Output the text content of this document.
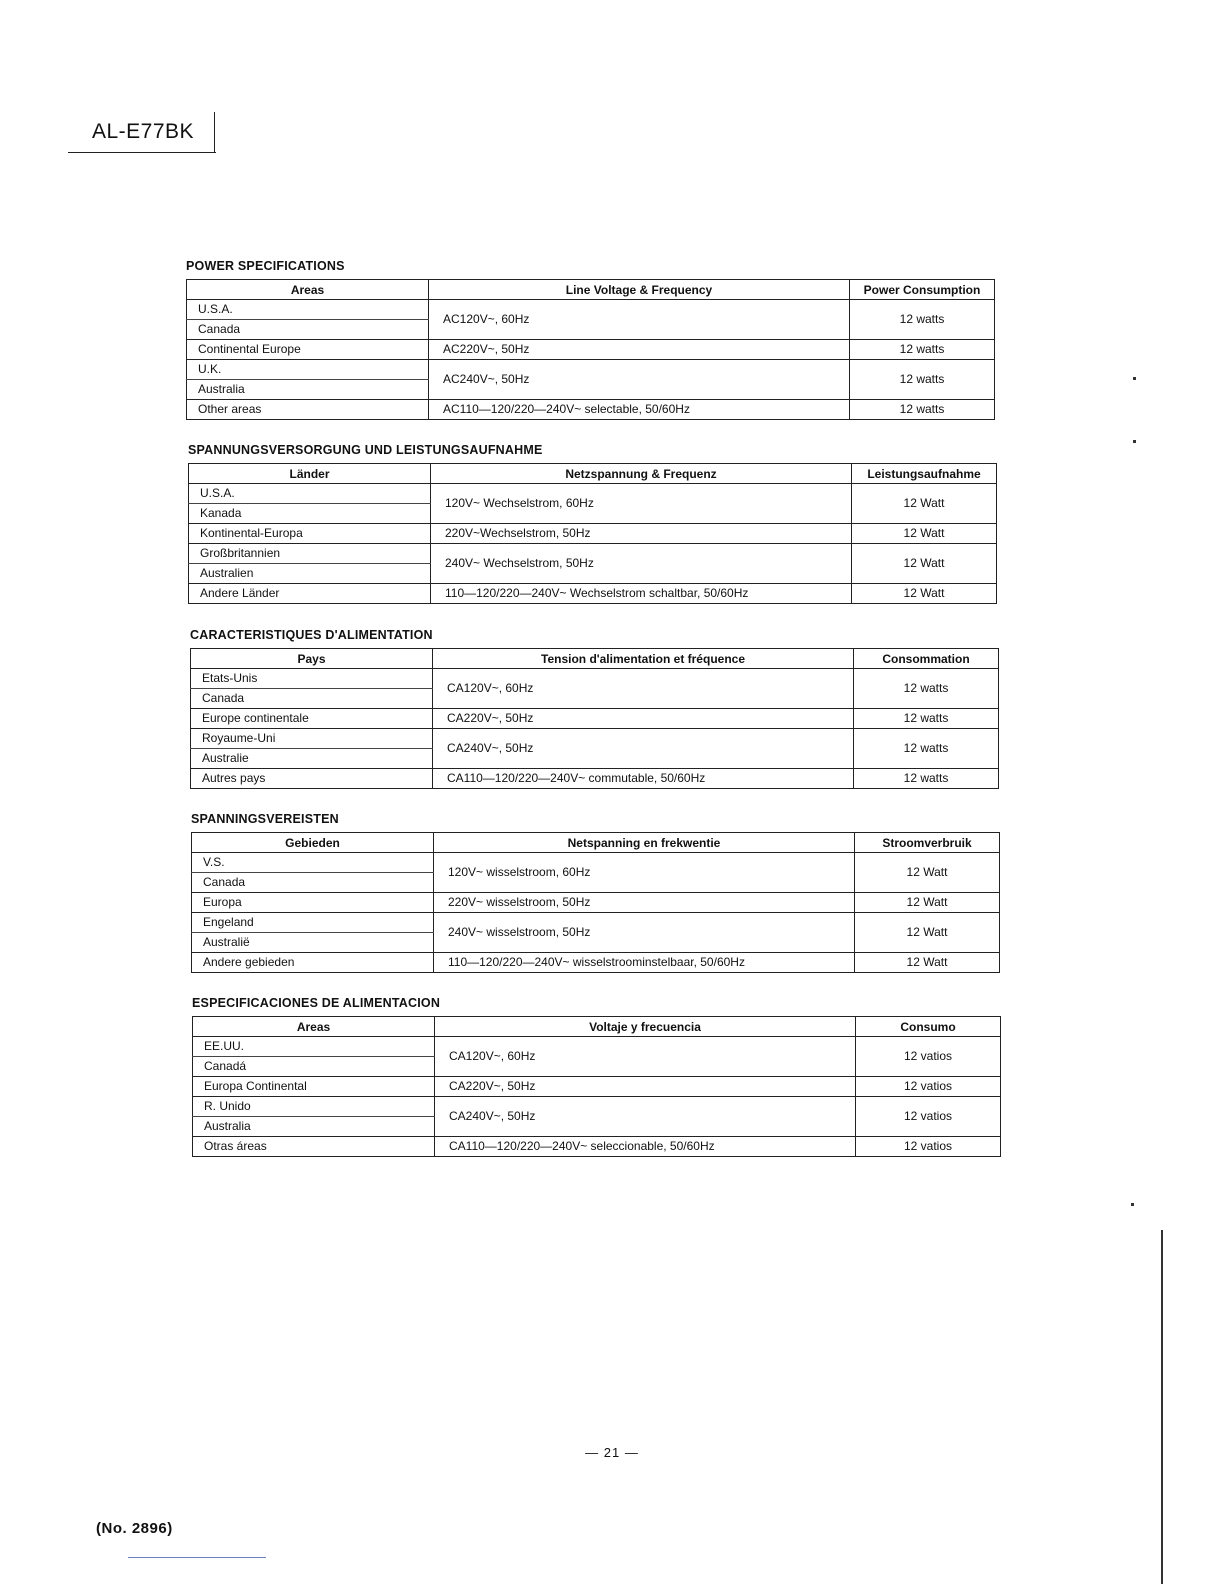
AL-E77BK
POWER SPECIFICATIONS
Areas	Line Voltage & Frequency	Power Consumption
U.S.A.	AC120V~, 60Hz	12 watts
Canada		
Continental Europe	AC220V~, 50Hz	12 watts
U.K.	AC240V~, 50Hz	12 watts
Australia		
Other areas	AC110—120/220—240V~ selectable, 50/60Hz	12 watts
SPANNUNGSVERSORGUNG UND LEISTUNGSAUFNAHME
Länder	Netzspannung & Frequenz	Leistungsaufnahme
U.S.A.	120V~ Wechselstrom, 60Hz	12 Watt
Kanada		
Kontinental-Europa	220V~Wechselstrom, 50Hz	12 Watt
Großbritannien	240V~ Wechselstrom, 50Hz	12 Watt
Australien		
Andere Länder	110—120/220—240V~ Wechselstrom schaltbar, 50/60Hz	12 Watt
CARACTERISTIQUES D'ALIMENTATION
Pays	Tension d'alimentation et fréquence	Consommation
Etats-Unis	CA120V~, 60Hz	12 watts
Canada		
Europe continentale	CA220V~, 50Hz	12 watts
Royaume-Uni	CA240V~, 50Hz	12 watts
Australie		
Autres pays	CA110—120/220—240V~ commutable, 50/60Hz	12 watts
SPANNINGSVEREISTEN
Gebieden	Netspanning en frekwentie	Stroomverbruik
V.S.	120V~ wisselstroom, 60Hz	12 Watt
Canada		
Europa	220V~ wisselstroom, 50Hz	12 Watt
Engeland	240V~ wisselstroom, 50Hz	12 Watt
Australië		
Andere gebieden	110—120/220—240V~ wisselstroominstelbaar, 50/60Hz	12 Watt
ESPECIFICACIONES DE ALIMENTACION
Areas	Voltaje y frecuencia	Consumo
EE.UU.	CA120V~, 60Hz	12 vatios
Canadá		
Europa Continental	CA220V~, 50Hz	12 vatios
R. Unido	CA240V~, 50Hz	12 vatios
Australia		
Otras áreas	CA110—120/220—240V~ seleccionable, 50/60Hz	12 vatios
— 21 —
(No. 2896)
